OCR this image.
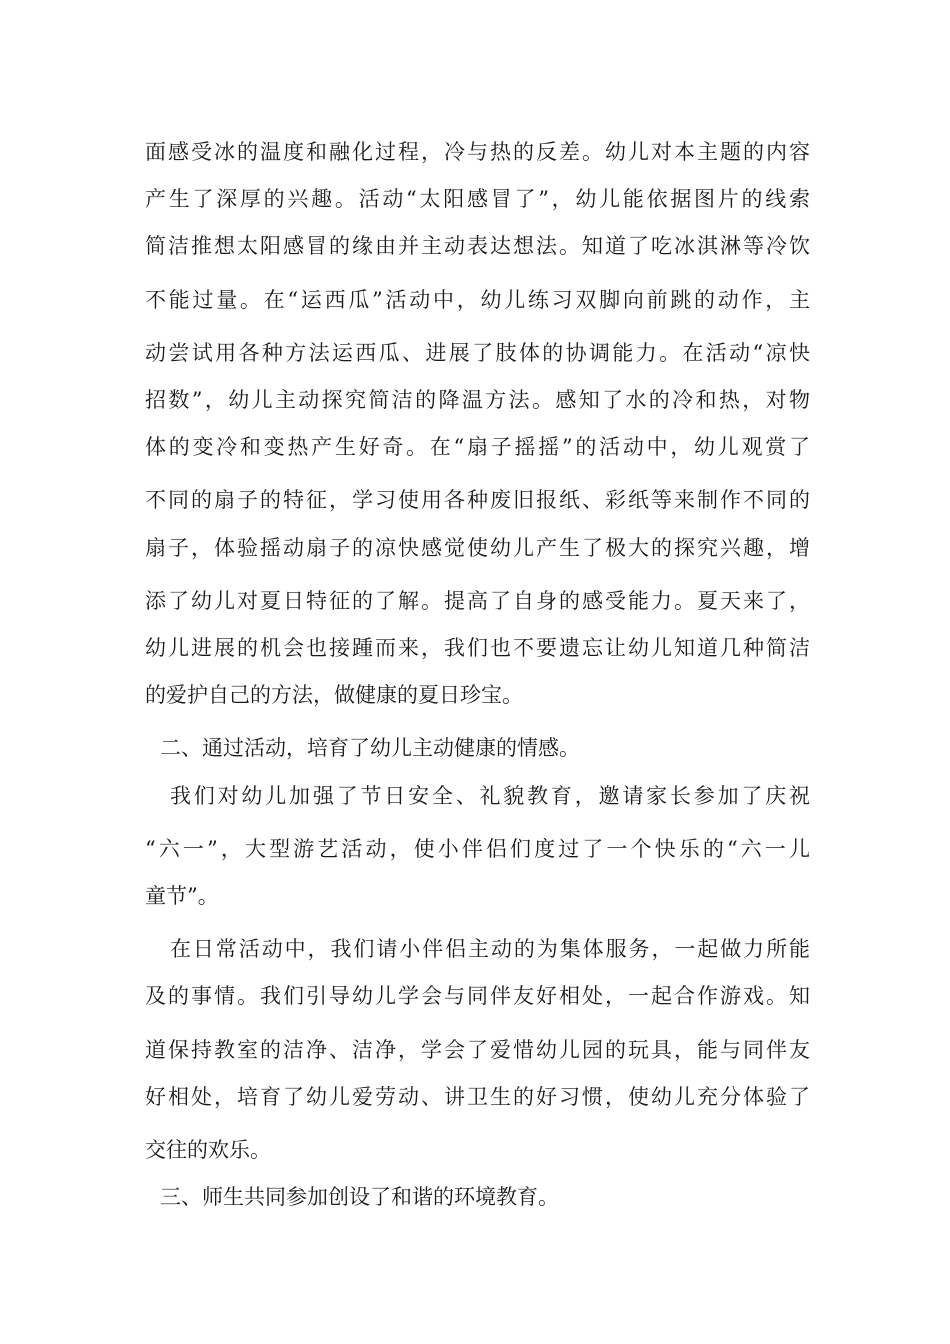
面感受冰的温度和融化过程，冷与热的反差。幼儿对本主题的内容
产生了深厚的兴趣。活动“太阳感冒了”，幼儿能依据图片的线索
简洁推想太阳感冒的缘由并主动表达想法。知道了吃冰淇淋等冷饮
不能过量。在“运西瓜”活动中，幼儿练习双脚向前跳的动作，主
动尝试用各种方法运西瓜、进展了肢体的协调能力。在活动“凉快
招数”，幼儿主动探究简洁的降温方法。感知了水的冷和热，对物
体的变冷和变热产生好奇。在“扇子摇摇”的活动中，幼儿观赏了
不同的扇子的特征，学习使用各种废旧报纸、彩纸等来制作不同的
扇子，体验摇动扇子的凉快感觉使幼儿产生了极大的探究兴趣，增
添了幼儿对夏日特征的了解。提高了自身的感受能力。夏天来了，
幼儿进展的机会也接踵而来，我们也不要遗忘让幼儿知道几种简洁
的爱护自己的方法，做健康的夏日珍宝。
二、通过活动，培育了幼儿主动健康的情感。
我们对幼儿加强了节日安全、礼貌教育，邀请家长参加了庆祝
“六一”，大型游艺活动，使小伴侣们度过了一个快乐的“六一儿
童节”。
在日常活动中，我们请小伴侣主动的为集体服务，一起做力所能
及的事情。我们引导幼儿学会与同伴友好相处，一起合作游戏。知
道保持教室的洁净、洁净，学会了爱惜幼儿园的玩具，能与同伴友
好相处，培育了幼儿爱劳动、讲卫生的好习惯，使幼儿充分体验了
交往的欢乐。
三、师生共同参加创设了和谐的环境教育。
